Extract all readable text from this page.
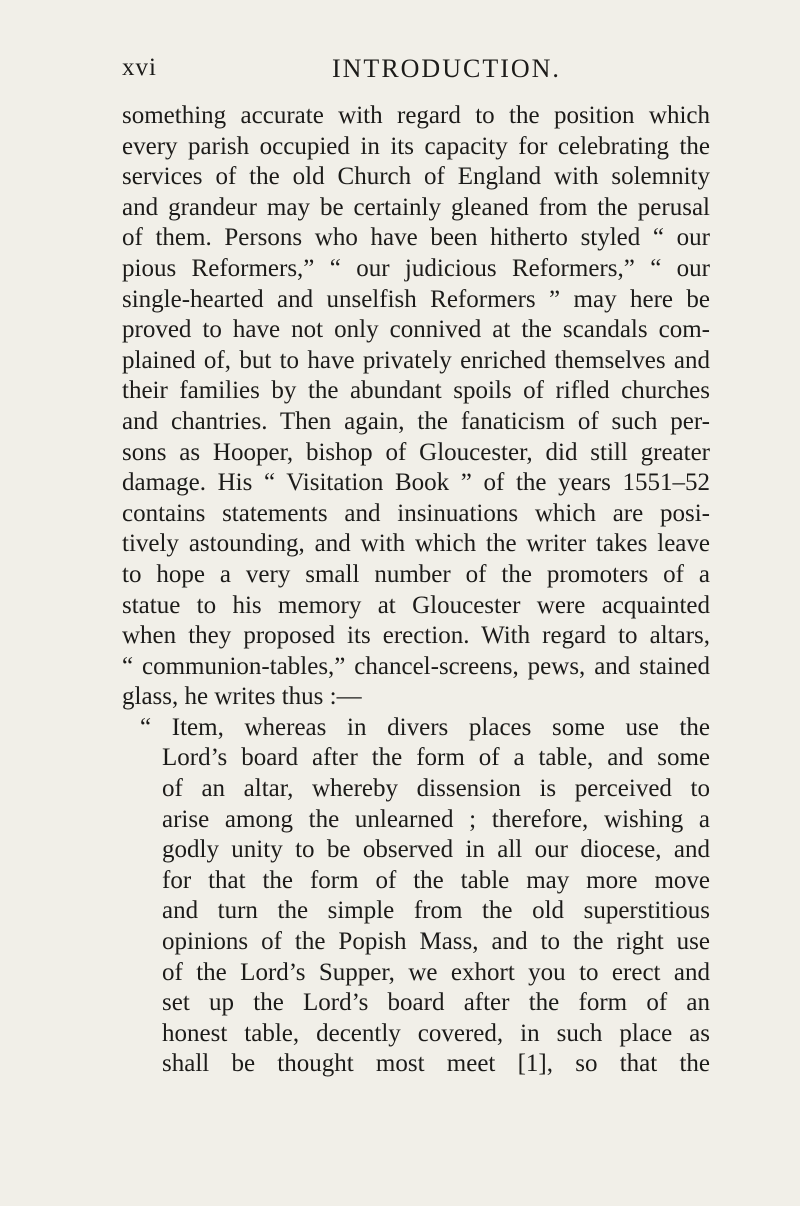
xvi	INTRODUCTION.
something accurate with regard to the position which
every parish occupied in its capacity for celebrating the
services of the old Church of England with solemnity
and grandeur may be certainly gleaned from the perusal
of them. Persons who have been hitherto styled “ our
pious Reformers,” “ our judicious Reformers,” “ our
single-hearted and unselfish Reformers ” may here be
proved to have not only connived at the scandals com-
plained of, but to have privately enriched themselves and
their families by the abundant spoils of rifled churches
and chantries. Then again, the fanaticism of such per-
sons as Hooper, bishop of Gloucester, did still greater
damage. His “ Visitation Book ” of the years 1551–52
contains statements and insinuations which are posi-
tively astounding, and with which the writer takes leave
to hope a very small number of the promoters of a
statue to his memory at Gloucester were acquainted
when they proposed its erection. With regard to altars,
“ communion-tables,” chancel-screens, pews, and stained
glass, he writes thus :—
“ Item, whereas in divers places some use the
Lord’s board after the form of a table, and some
of an altar, whereby dissension is perceived to
arise among the unlearned ; therefore, wishing a
godly unity to be observed in all our diocese, and
for that the form of the table may more move
and turn the simple from the old superstitious
opinions of the Popish Mass, and to the right use
of the Lord’s Supper, we exhort you to erect and
set up the Lord’s board after the form of an
honest table, decently covered, in such place as
shall be thought most meet [1], so that the
